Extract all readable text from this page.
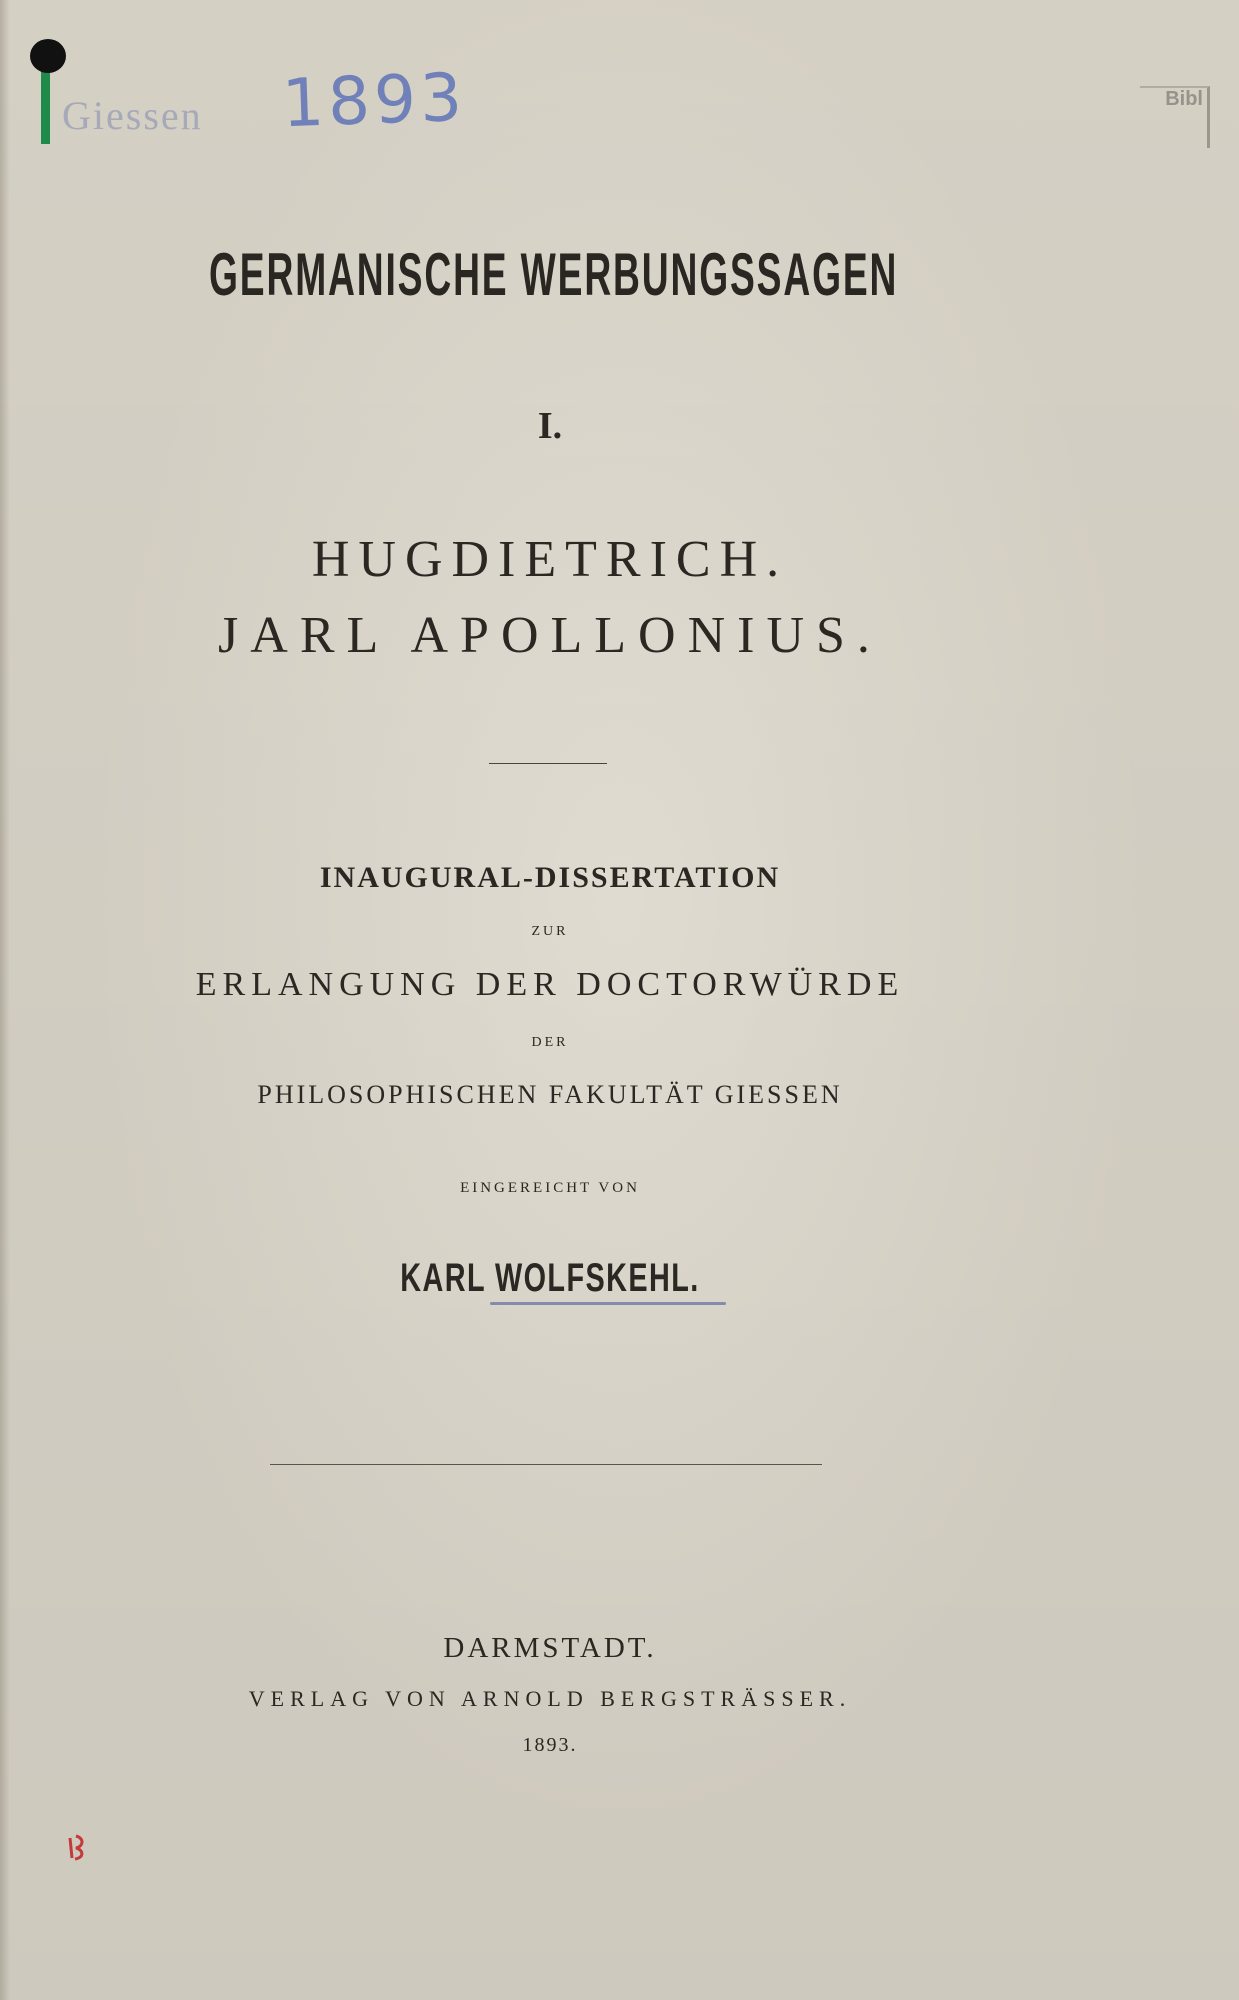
Giessen 1893	Bibl
GERMANISCHE WERBUNGSSAGEN
I.
HUGDIETRICH.
JARL APOLLONIUS.
INAUGURAL-DISSERTATION
ZUR
ERLANGUNG DER DOCTORWÜRDE
DER
PHILOSOPHISCHEN FAKULTÄT GIESSEN
EINGEREICHT VON
KARL WOLFSKEHL.
DARMSTADT.
VERLAG VON ARNOLD BERGSTRÄSSER.
1893.
